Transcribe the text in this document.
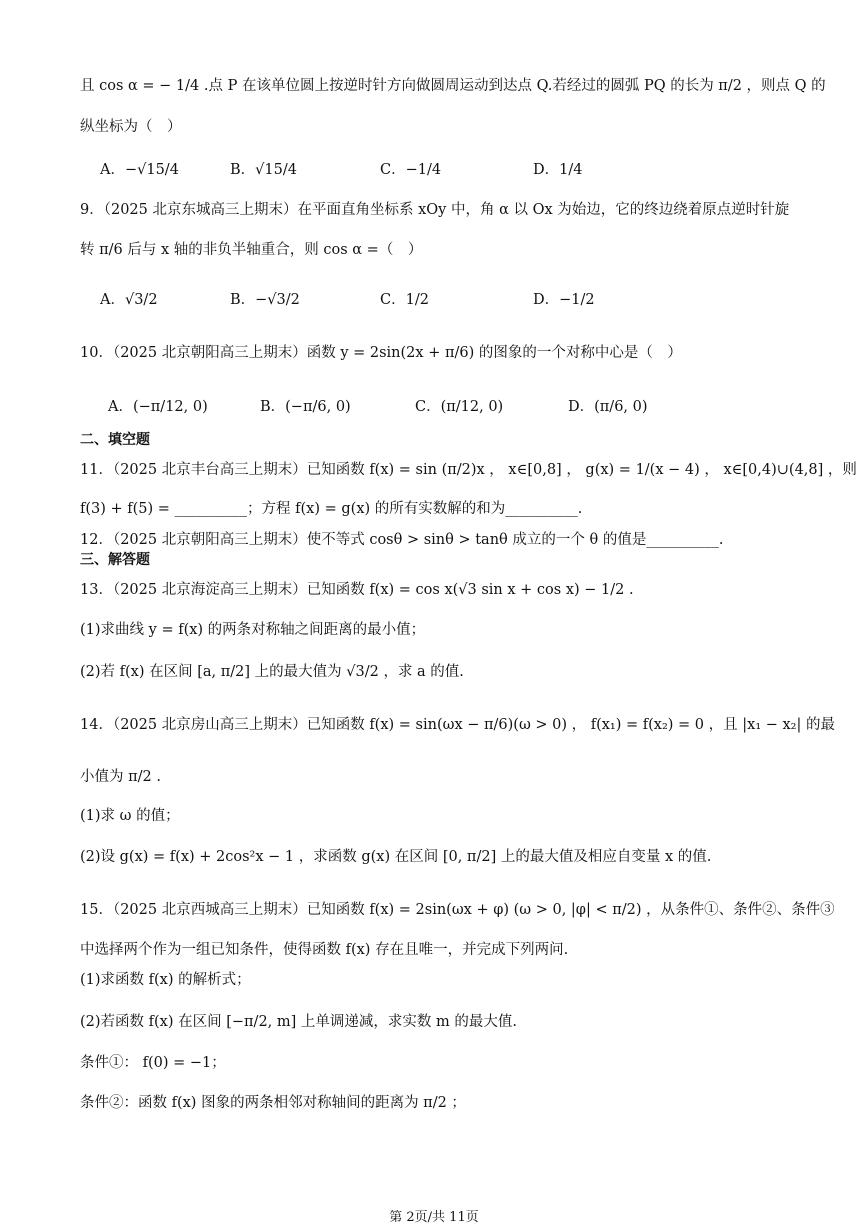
且 cos α = − 1/4 .点 P 在该单位圆上按逆时针方向做圆周运动到达点 Q.若经过的圆弧 PQ 的长为 π/2 ，则点 Q 的
纵坐标为（　）
A．−√15/4	B．√15/4	C．−1/4	D．1/4
9．（2025 北京东城高三上期末）在平面直角坐标系 xOy 中，角 α 以 Ox 为始边，它的终边绕着原点逆时针旋
转 π/6 后与 x 轴的非负半轴重合，则 cos α =（　）
A．√3/2	B．−√3/2	C．1/2	D．−1/2
10．（2025 北京朝阳高三上期末）函数 y = 2sin(2x + π/6) 的图象的一个对称中心是（　）
A．(−π/12, 0)	B．(−π/6, 0)	C．(π/12, 0)	D．(π/6, 0)
二、填空题
11．（2025 北京丰台高三上期末）已知函数 f(x) = sin (π/2)x ， x∈[0,8] ， g(x) = 1/(x − 4) ， x∈[0,4)∪(4,8] ，则
f(3) + f(5) = __________；方程 f(x) = g(x) 的所有实数解的和为__________.
12．（2025 北京朝阳高三上期末）使不等式 cosθ > sinθ > tanθ 成立的一个 θ 的值是__________.
三、解答题
13．（2025 北京海淀高三上期末）已知函数 f(x) = cos x(√3 sin x + cos x) − 1/2 .
(1)求曲线 y = f(x) 的两条对称轴之间距离的最小值；
(2)若 f(x) 在区间 [a, π/2] 上的最大值为 √3/2 ，求 a 的值.
14．（2025 北京房山高三上期末）已知函数 f(x) = sin(ωx − π/6)(ω > 0) ， f(x₁) = f(x₂) = 0 ，且 |x₁ − x₂| 的最
小值为 π/2 .
(1)求 ω 的值；
(2)设 g(x) = f(x) + 2cos²x − 1 ，求函数 g(x) 在区间 [0, π/2] 上的最大值及相应自变量 x 的值.
15．（2025 北京西城高三上期末）已知函数 f(x) = 2sin(ωx + φ) (ω > 0, |φ| < π/2) ，从条件①、条件②、条件③
中选择两个作为一组已知条件，使得函数 f(x) 存在且唯一，并完成下列两问.
(1)求函数 f(x) 的解析式；
(2)若函数 f(x) 在区间 [−π/2, m] 上单调递减，求实数 m 的最大值.
条件①： f(0) = −1；
条件②：函数 f(x) 图象的两条相邻对称轴间的距离为 π/2 ；
第 2页/共 11页
